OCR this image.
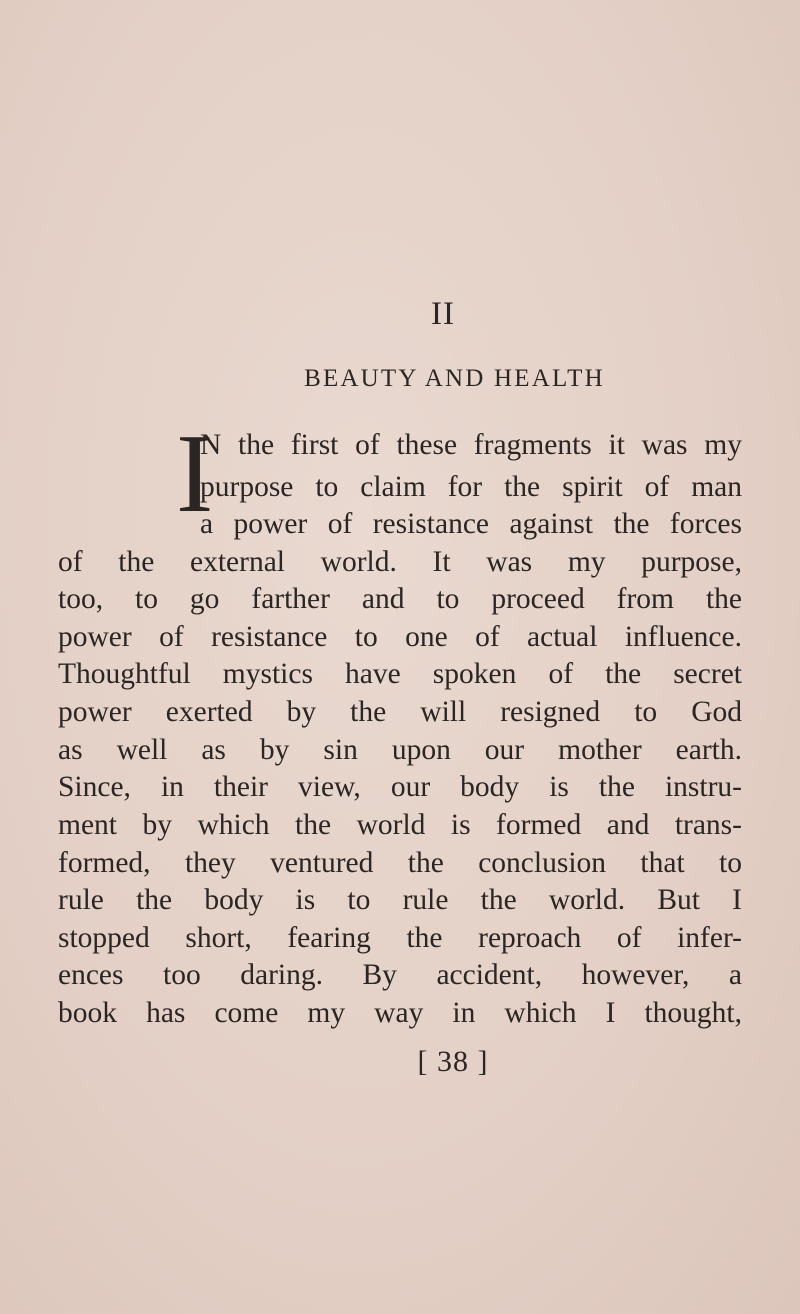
II
BEAUTY AND HEALTH
I

N the first of these fragments it was my

purpose to claim for the spirit of man

a power of resistance against the forces

of the external world. It was my purpose,

too, to go farther and to proceed from the

power of resistance to one of actual influence.

Thoughtful mystics have spoken of the secret

power exerted by the will resigned to God

as well as by sin upon our mother earth.

Since, in their view, our body is the instru-

ment by which the world is formed and trans-

formed, they ventured the conclusion that to

rule the body is to rule the world. But I

stopped short, fearing the reproach of infer-

ences too daring. By accident, however, a

book has come my way in which I thought,

[ 38 ]
